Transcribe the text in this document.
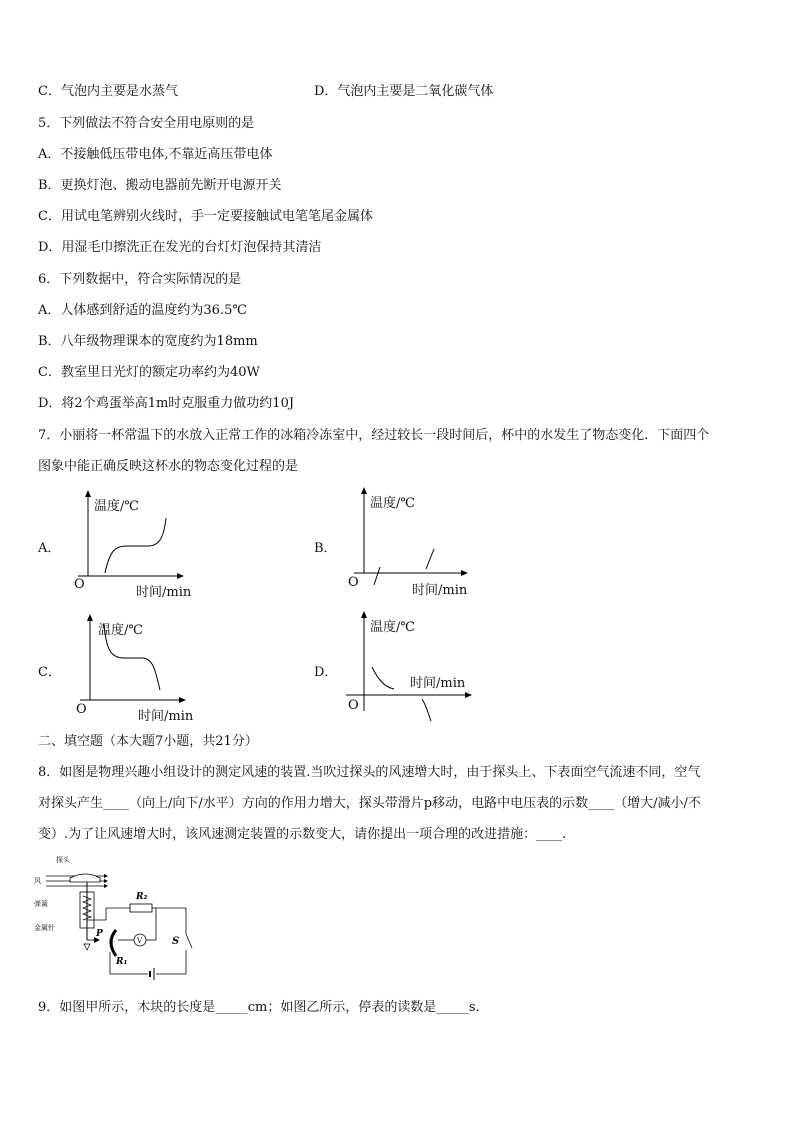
C．气泡内主要是水蒸气	D．气泡内主要是二氧化碳气体
5．下列做法不符合安全用电原则的是
A．不接触低压带电体,不靠近高压带电体
B．更换灯泡、搬动电器前先断开电源开关
C．用试电笔辨别火线时，手一定要接触试电笔笔尾金属体
D．用湿毛巾擦洗正在发光的台灯灯泡保持其清洁
6．下列数据中，符合实际情况的是
A．人体感到舒适的温度约为36.5℃
B．八年级物理课本的宽度约为18mm
C．教室里日光灯的额定功率约为40W
D．将2个鸡蛋举高1m时克服重力做功约10J
7．小丽将一杯常温下的水放入正常工作的冰箱冷冻室中，经过较长一段时间后，杯中的水发生了物态变化．下面四个
图象中能正确反映这杯水的物态变化过程的是
A．
温度/℃
O
时间/min
B．
温度/℃
O
时间/min
C．
温度/℃
O	时间/min
D．
温度/℃
O
时间/min
二、填空题（本大题7小题，共21分）
8．如图是物理兴趣小组设计的测定风速的装置.当吹过探头的风速增大时，由于探头上、下表面空气流速不同，空气
对探头产生____（向上/向下/水平）方向的作用力增大，探头带滑片p移动，电路中电压表的示数____（增大/减小/不
变）.为了让风速增大时，该风速测定装置的示数变大，请你提出一项合理的改进措施：____.
探头
风
弹簧
金属针
R₂
S
R₁
P
V
9．如图甲所示，木块的长度是_____cm；如图乙所示，停表的读数是_____s.
